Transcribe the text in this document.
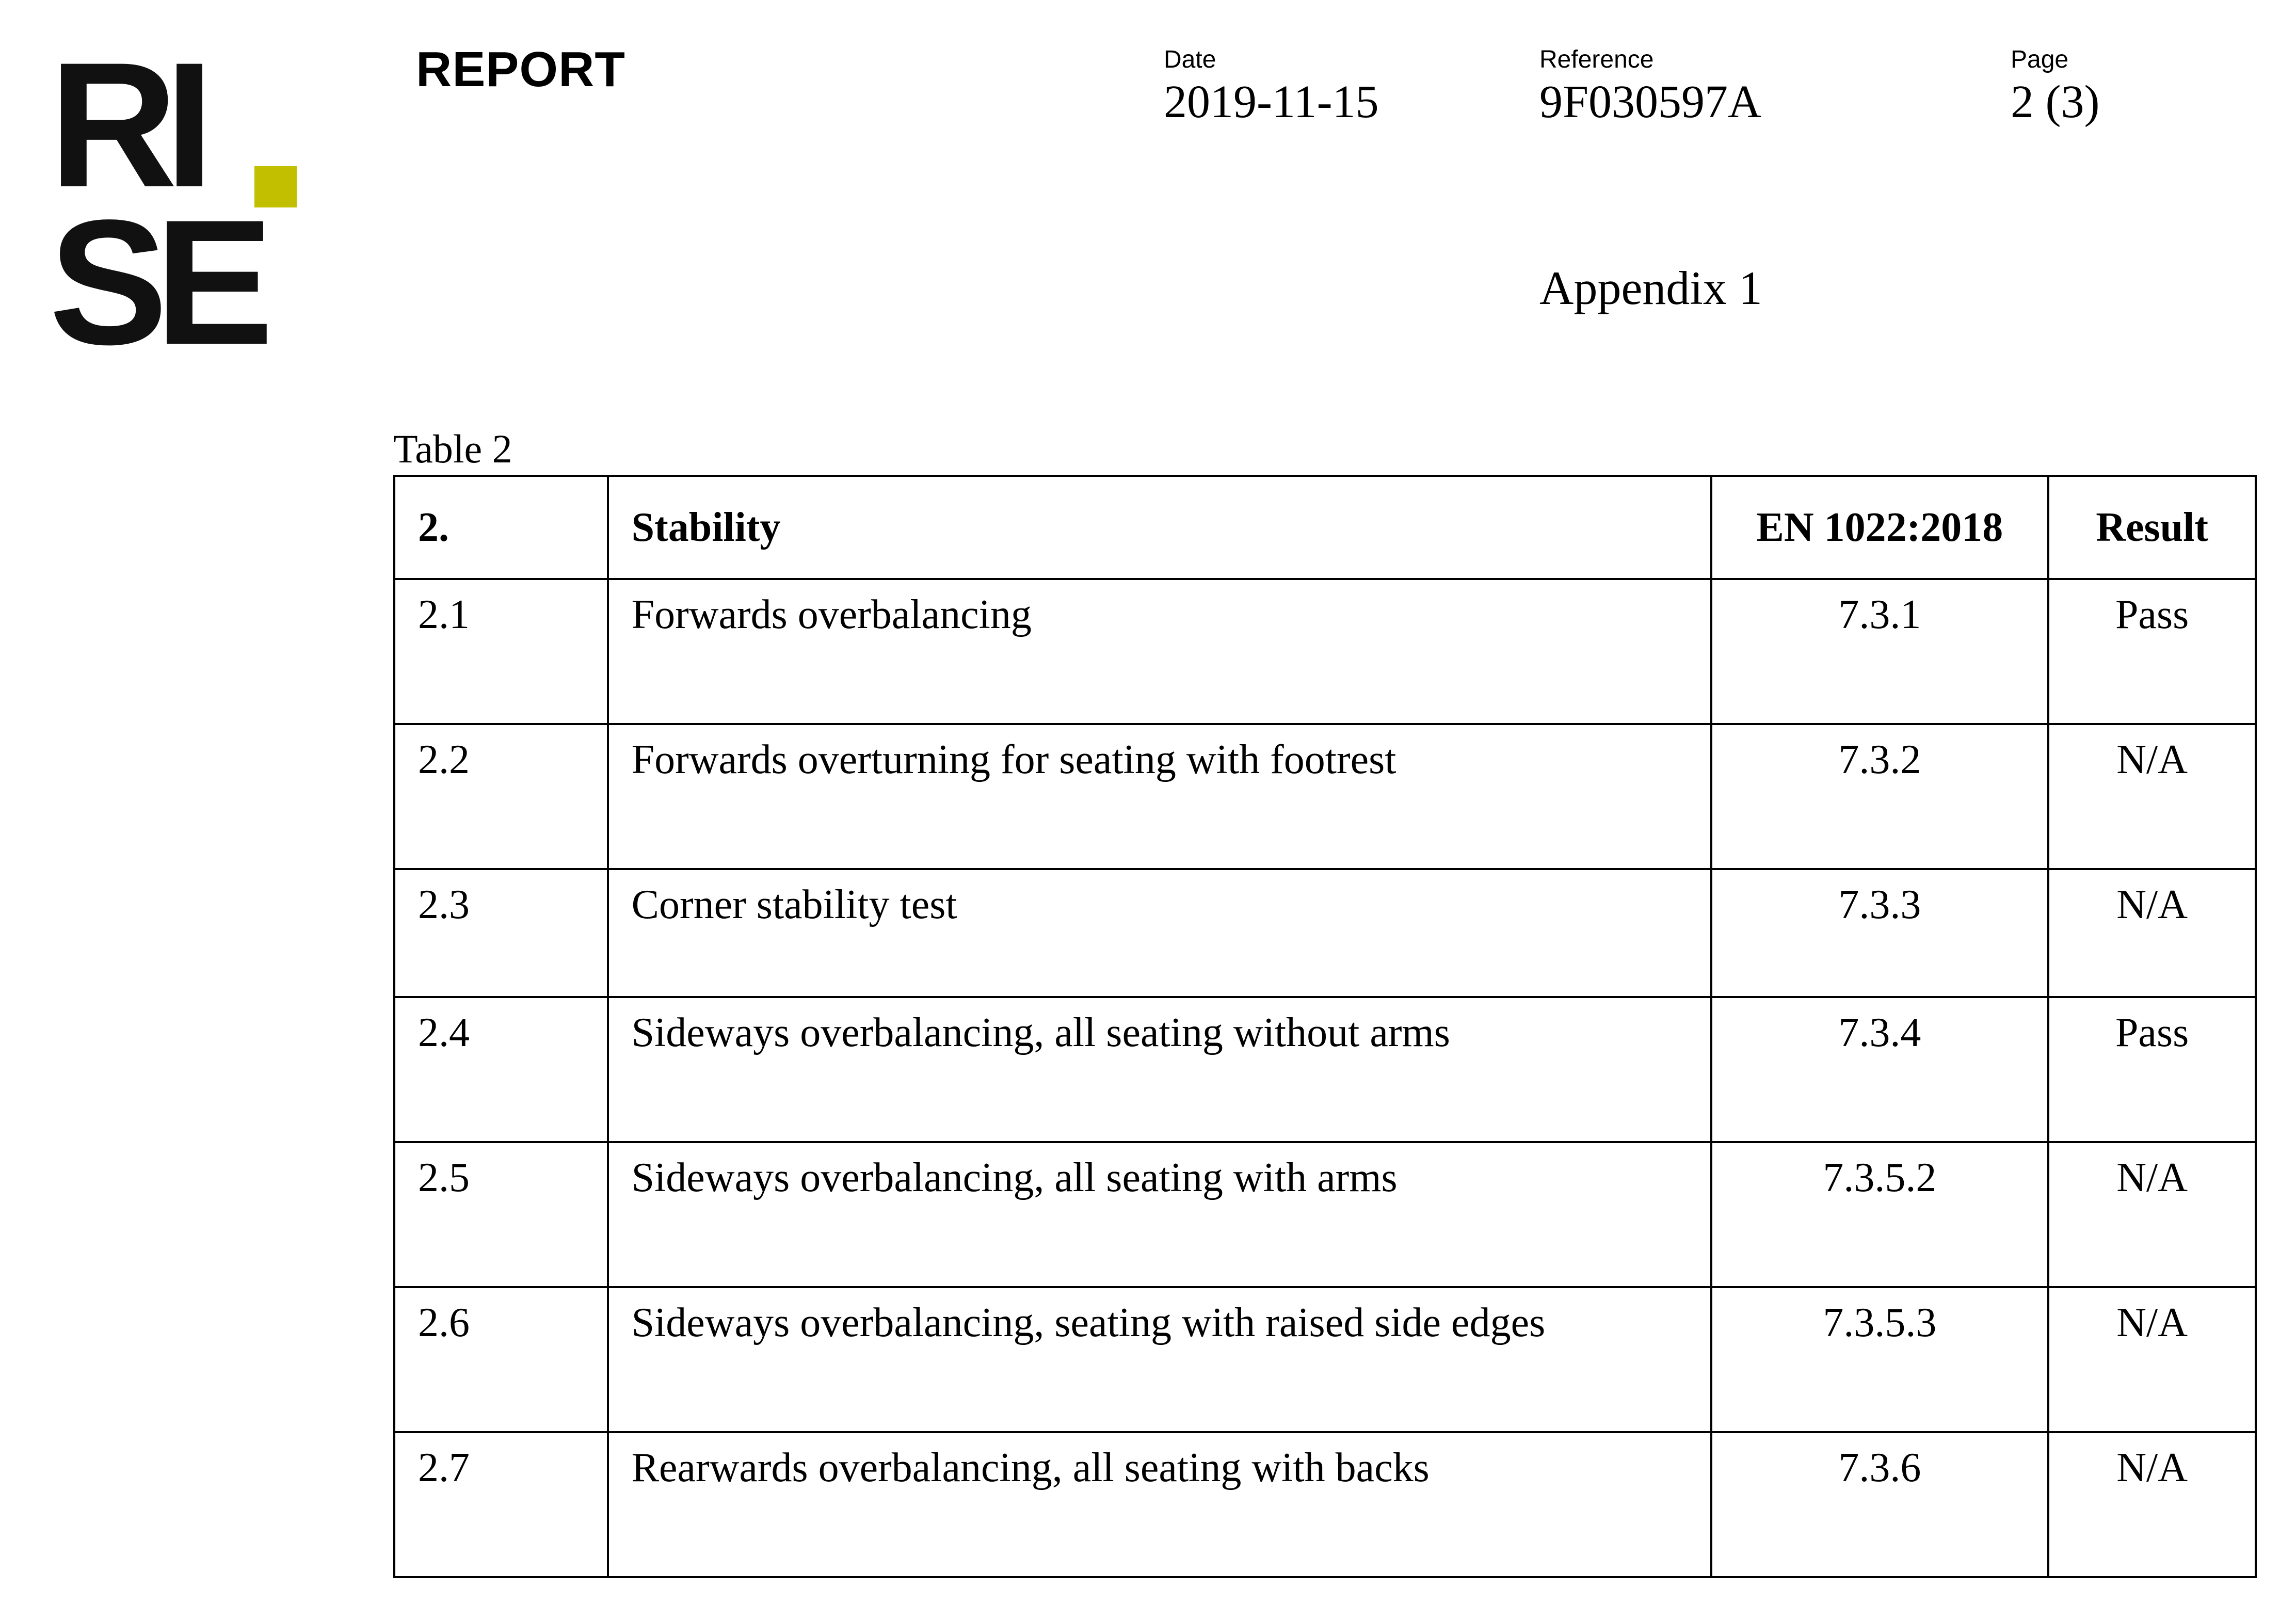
RI
SE
REPORT	Date
2019-11-15
Reference
9F030597A
Page
2 (3)
Appendix 1
Table 2
2.	Stability	EN 1022:2018	Result
2.1	Forwards overbalancing	7.3.1	Pass
2.2	Forwards overturning for seating with footrest	7.3.2	N/A
2.3	Corner stability test	7.3.3	N/A
2.4	Sideways overbalancing, all seating without arms	7.3.4	Pass
2.5	Sideways overbalancing, all seating with arms	7.3.5.2	N/A
2.6	Sideways overbalancing, seating with raised side edges	7.3.5.3	N/A
2.7	Rearwards overbalancing, all seating with backs	7.3.6	N/A
